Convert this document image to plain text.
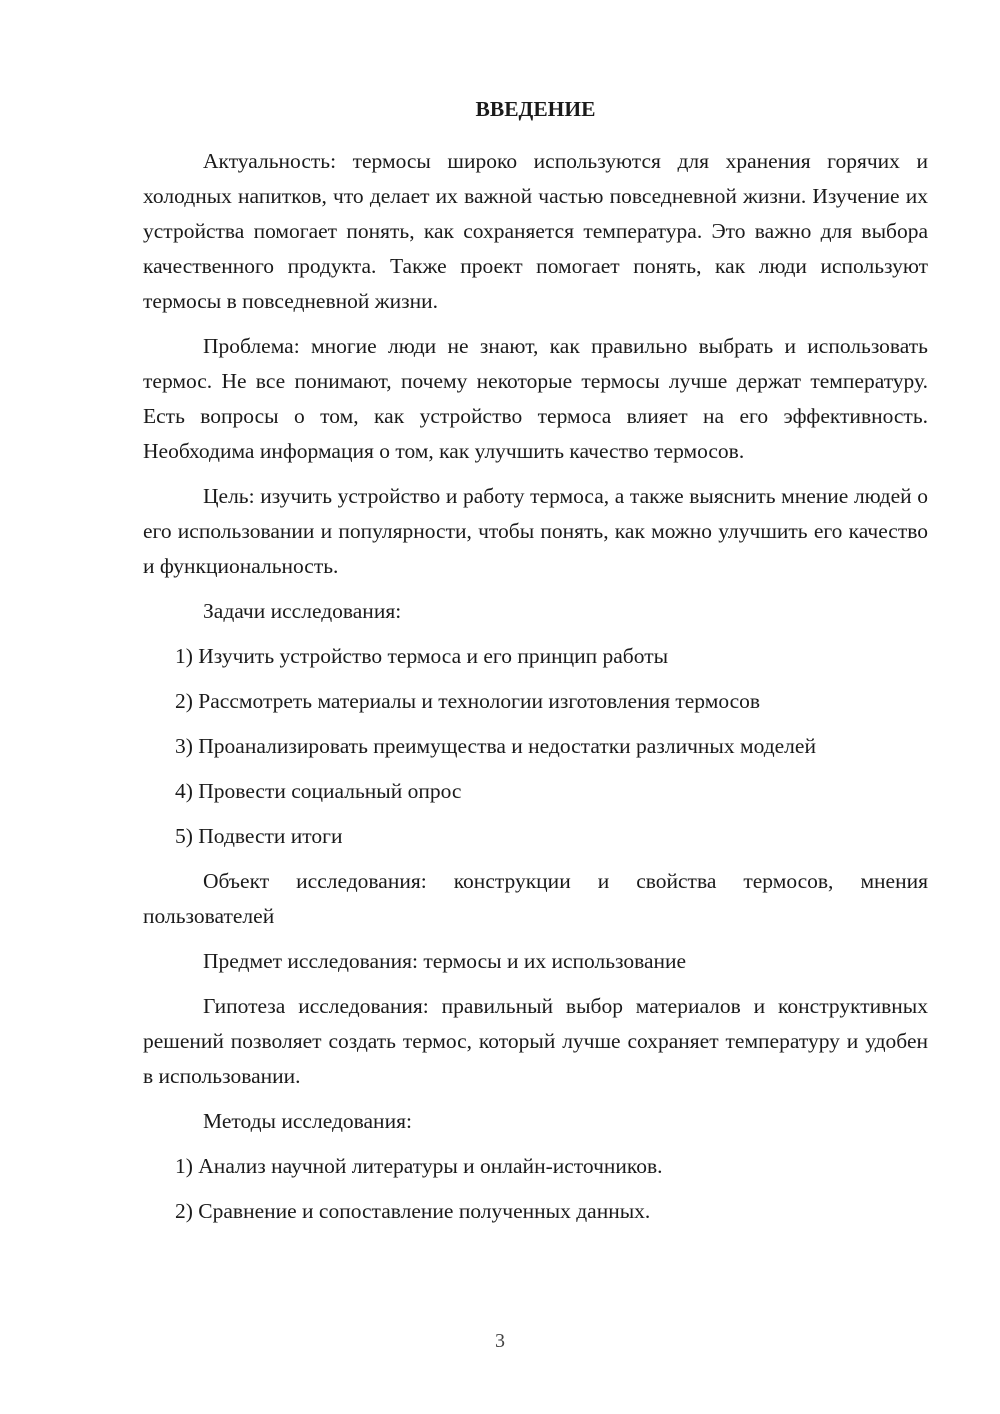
ВВЕДЕНИЕ

Актуальность: термосы широко используются для хранения горячих и холодных напитков, что делает их важной частью повседневной жизни. Изучение их устройства помогает понять, как сохраняется температура. Это важно для выбора качественного продукта. Также проект помогает понять, как люди используют термосы в повседневной жизни.

Проблема: многие люди не знают, как правильно выбрать и использовать термос. Не все понимают, почему некоторые термосы лучше держат температуру. Есть вопросы о том, как устройство термоса влияет на его эффективность. Необходима информация о том, как улучшить качество термосов.

Цель: изучить устройство и работу термоса, а также выяснить мнение людей о его использовании и популярности, чтобы понять, как можно улучшить его качество и функциональность.

Задачи исследования:

1) Изучить устройство термоса и его принцип работы

2) Рассмотреть материалы и технологии изготовления термосов

3) Проанализировать преимущества и недостатки различных моделей

4) Провести социальный опрос

5) Подвести итоги

Объект исследования: конструкции и свойства термосов, мнения пользователей

Предмет исследования: термосы и их использование

Гипотеза исследования: правильный выбор материалов и конструктивных решений позволяет создать термос, который лучше сохраняет температуру и удобен в использовании.

Методы исследования:

1) Анализ научной литературы и онлайн-источников.

2) Сравнение и сопоставление полученных данных.

3
